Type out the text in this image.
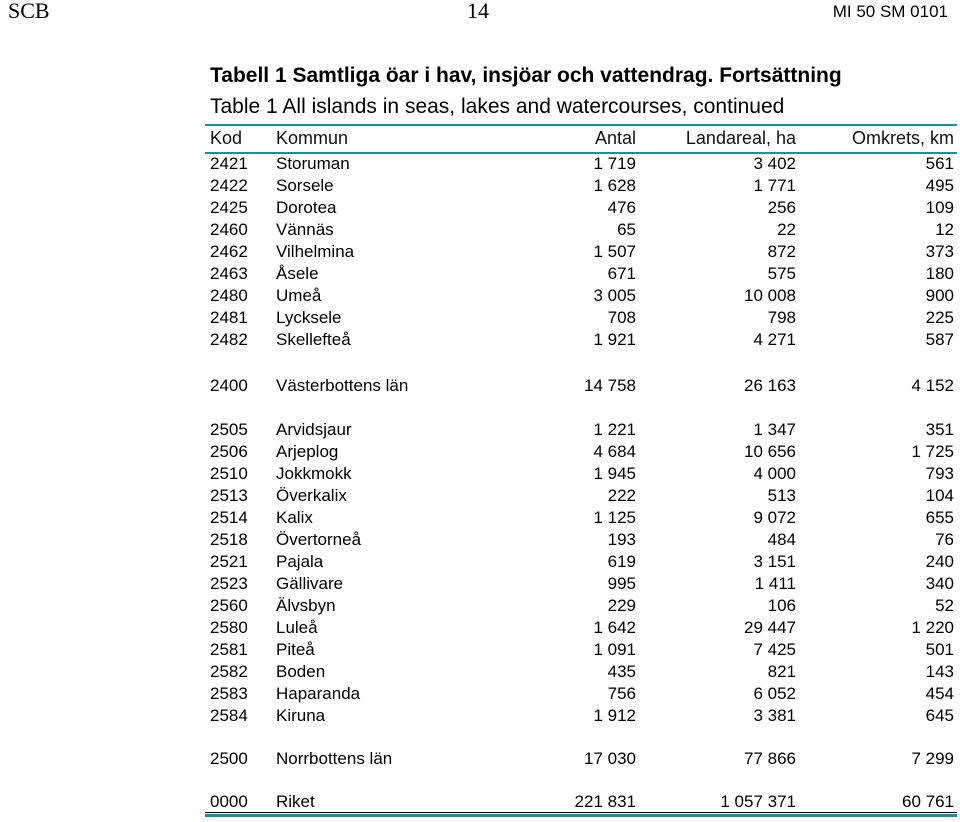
SCB	14	MI 50 SM 0101
Tabell 1 Samtliga öar i hav, insjöar och vattendrag. Fortsättning
Table 1 All islands in seas, lakes and watercourses, continued
Kod Kommun	Antal	Landareal, ha	Omkrets, km
2421 Storuman	1 719	3 402	561
2422 Sorsele	1 628	1 771	495
2425 Dorotea	476	256	109
2460 Vännäs	65	22	12
2462 Vilhelmina	1 507	872	373
2463 Åsele	671	575	180
2480 Umeå	3 005	10 008	900
2481 Lycksele	708	798	225
2482 Skellefteå	1 921	4 271	587
2400 Västerbottens län	14 758	26 163	4 152
2505 Arvidsjaur	1 221	1 347	351
2506 Arjeplog	4 684	10 656	1 725
2510 Jokkmokk	1 945	4 000	793
2513 Överkalix	222	513	104
2514 Kalix	1 125	9 072	655
2518 Övertorneå	193	484	76
2521 Pajala	619	3 151	240
2523 Gällivare	995	1 411	340
2560 Älvsbyn	229	106	52
2580 Luleå	1 642	29 447	1 220
2581 Piteå	1 091	7 425	501
2582 Boden	435	821	143
2583 Haparanda	756	6 052	454
2584 Kiruna	1 912	3 381	645
2500 Norrbottens län	17 030	77 866	7 299
0000 Riket	221 831	1 057 371	60 761
